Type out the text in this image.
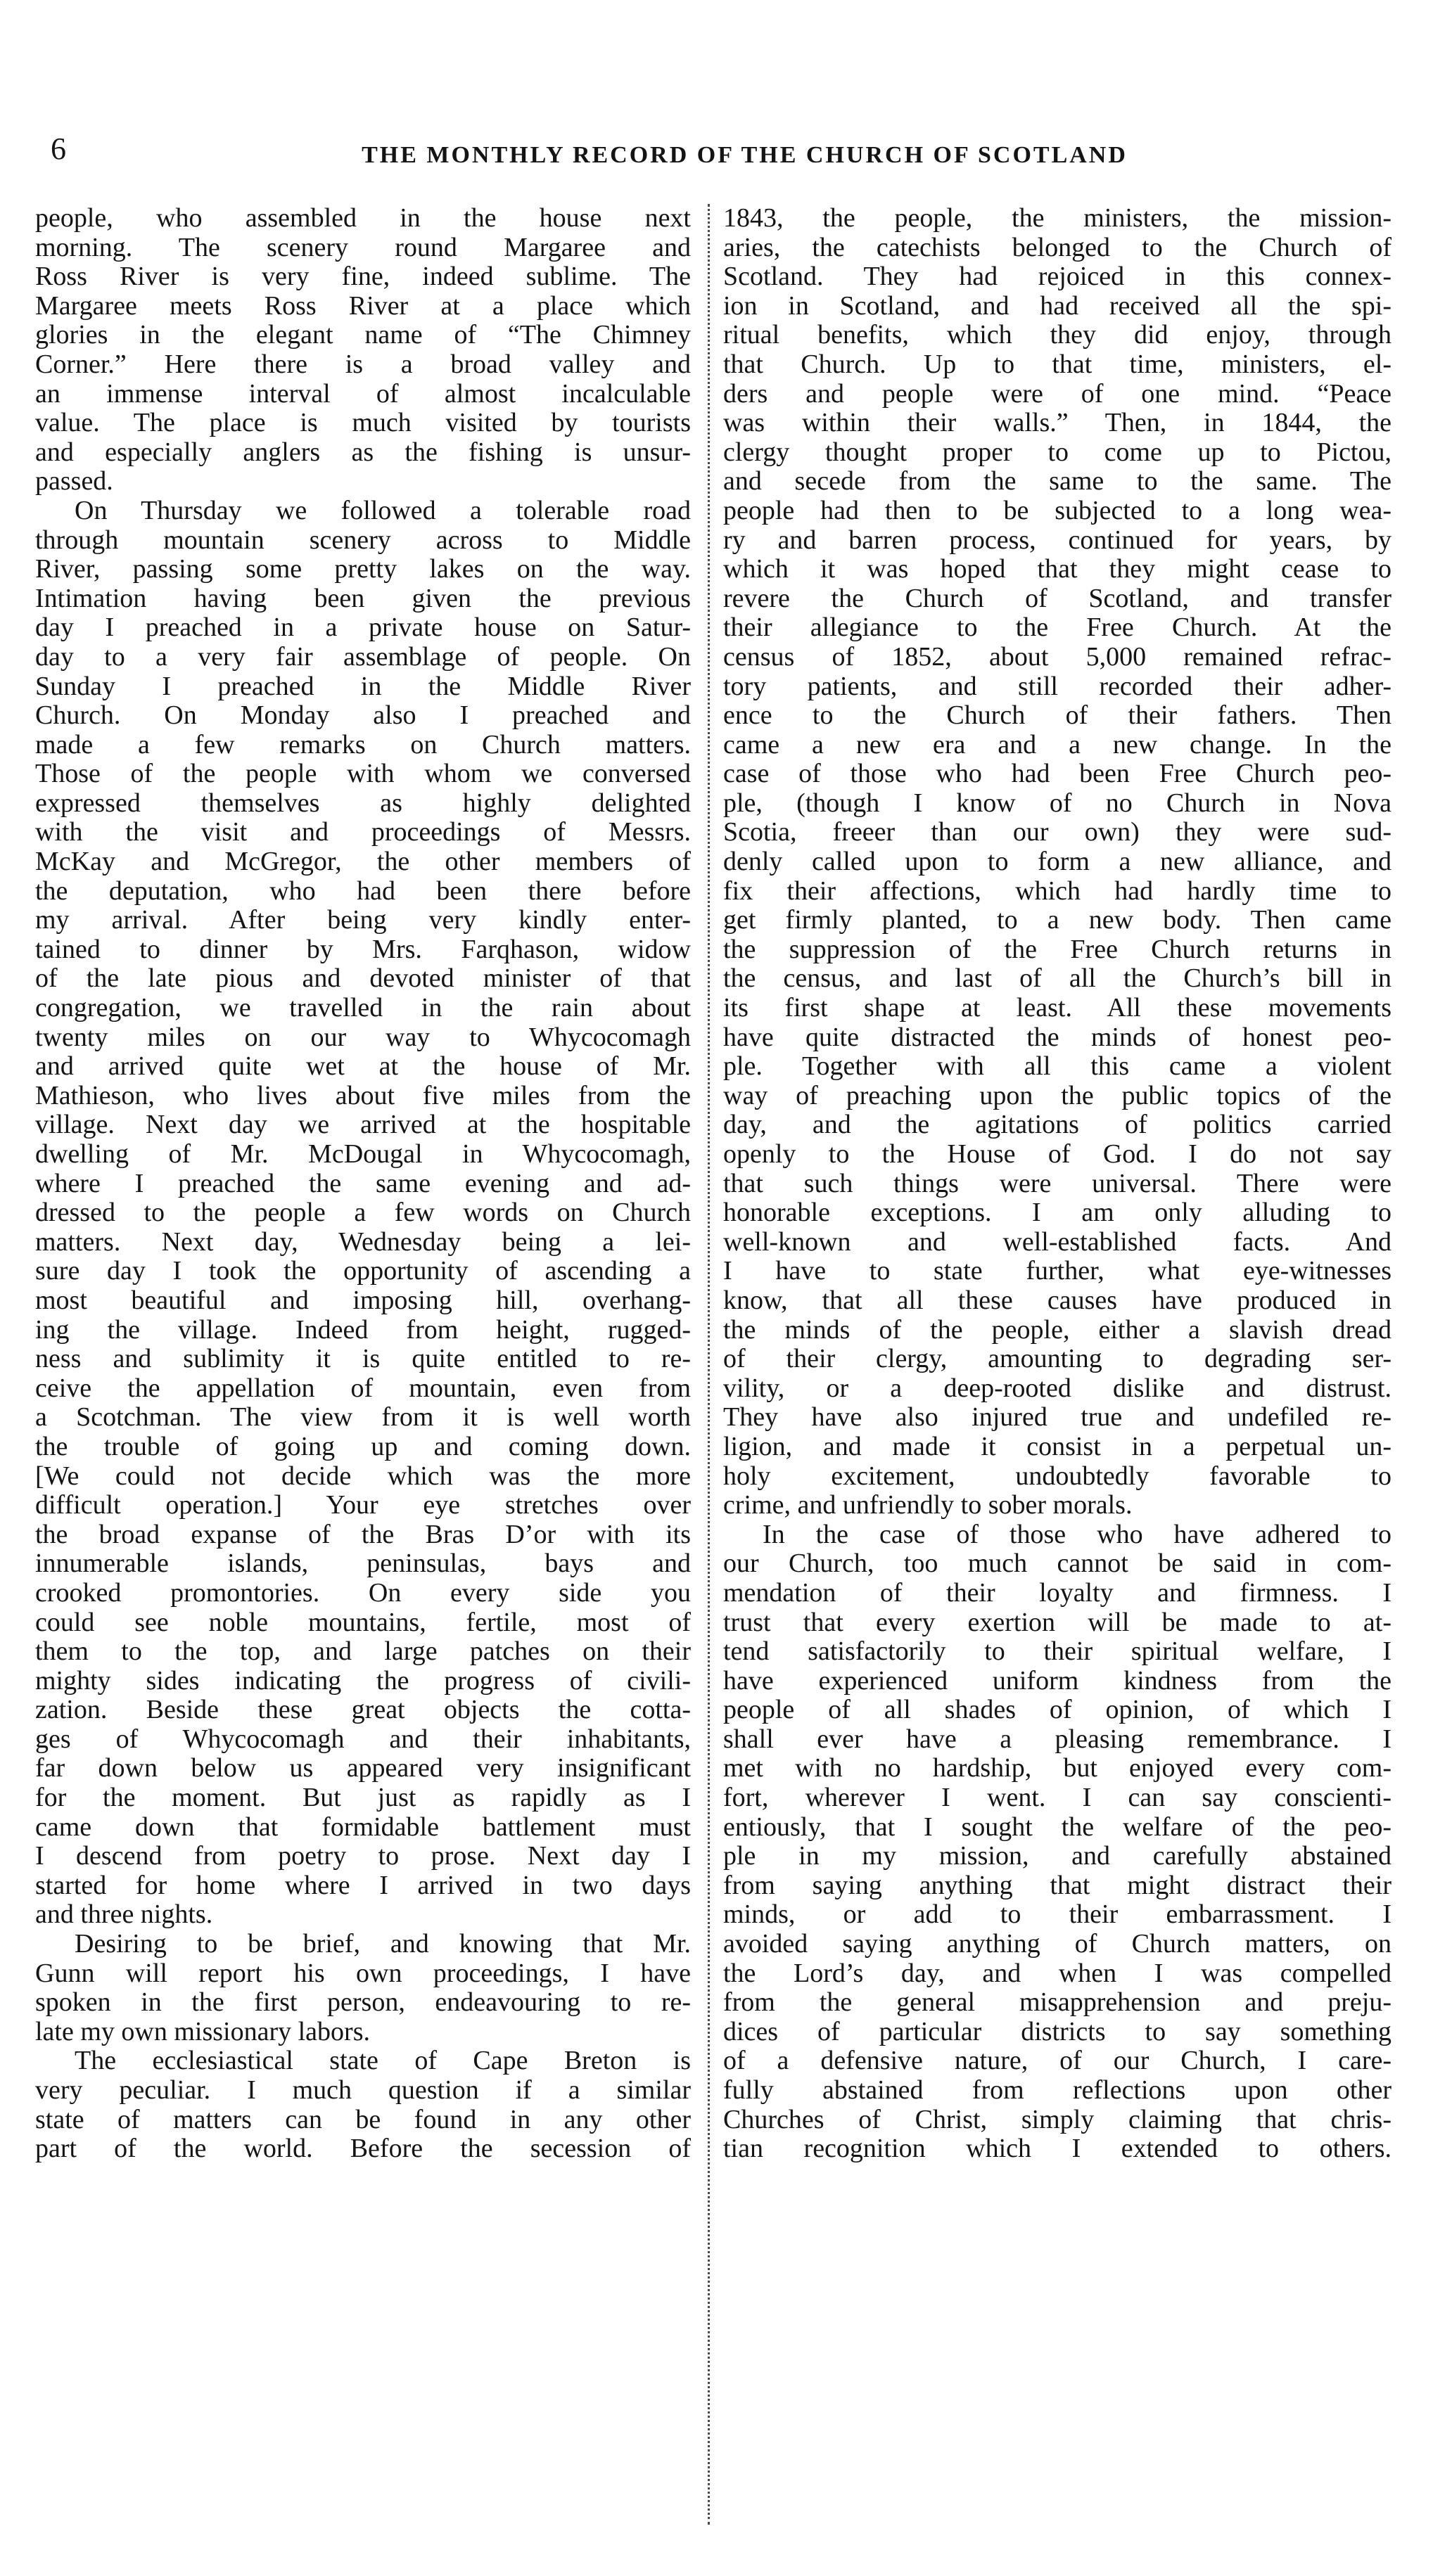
6	THE MONTHLY RECORD OF THE CHURCH OF SCOTLAND
people, who assembled in the house next
morning. The scenery round Margaree and
Ross River is very fine, indeed sublime. The
Margaree meets Ross River at a place which
glories in the elegant name of “The Chimney
Corner.” Here there is a broad valley and
an immense interval of almost incalculable
value. The place is much visited by tourists
and especially anglers as the fishing is unsur-
passed.
On Thursday we followed a tolerable road
through mountain scenery across to Middle
River, passing some pretty lakes on the way.
Intimation having been given the previous
day I preached in a private house on Satur-
day to a very fair assemblage of people. On
Sunday I preached in the Middle River
Church. On Monday also I preached and
made a few remarks on Church matters.
Those of the people with whom we conversed
expressed themselves as highly delighted
with the visit and proceedings of Messrs.
McKay and McGregor, the other members of
the deputation, who had been there before
my arrival. After being very kindly enter-
tained to dinner by Mrs. Farqhason, widow
of the late pious and devoted minister of that
congregation, we travelled in the rain about
twenty miles on our way to Whycocomagh
and arrived quite wet at the house of Mr.
Mathieson, who lives about five miles from the
village. Next day we arrived at the hospitable
dwelling of Mr. McDougal in Whycocomagh,
where I preached the same evening and ad-
dressed to the people a few words on Church
matters. Next day, Wednesday being a lei-
sure day I took the opportunity of ascending a
most beautiful and imposing hill, overhang-
ing the village. Indeed from height, rugged-
ness and sublimity it is quite entitled to re-
ceive the appellation of mountain, even from
a Scotchman. The view from it is well worth
the trouble of going up and coming down.
[We could not decide which was the more
difficult operation.] Your eye stretches over
the broad expanse of the Bras D’or with its
innumerable islands, peninsulas, bays and
crooked promontories. On every side you
could see noble mountains, fertile, most of
them to the top, and large patches on their
mighty sides indicating the progress of civili-
zation. Beside these great objects the cotta-
ges of Whycocomagh and their inhabitants,
far down below us appeared very insignificant
for the moment. But just as rapidly as I
came down that formidable battlement must
I descend from poetry to prose. Next day I
started for home where I arrived in two days
and three nights.
Desiring to be brief, and knowing that Mr.
Gunn will report his own proceedings, I have
spoken in the first person, endeavouring to re-
late my own missionary labors.
The ecclesiastical state of Cape Breton is
very peculiar. I much question if a similar
state of matters can be found in any other
part of the world. Before the secession of
1843, the people, the ministers, the mission-
aries, the catechists belonged to the Church of
Scotland. They had rejoiced in this connex-
ion in Scotland, and had received all the spi-
ritual benefits, which they did enjoy, through
that Church. Up to that time, ministers, el-
ders and people were of one mind. “Peace
was within their walls.” Then, in 1844, the
clergy thought proper to come up to Pictou,
and secede from the same to the same. The
people had then to be subjected to a long wea-
ry and barren process, continued for years, by
which it was hoped that they might cease to
revere the Church of Scotland, and transfer
their allegiance to the Free Church. At the
census of 1852, about 5,000 remained refrac-
tory patients, and still recorded their adher-
ence to the Church of their fathers. Then
came a new era and a new change. In the
case of those who had been Free Church peo-
ple, (though I know of no Church in Nova
Scotia, freeer than our own) they were sud-
denly called upon to form a new alliance, and
fix their affections, which had hardly time to
get firmly planted, to a new body. Then came
the suppression of the Free Church returns in
the census, and last of all the Church’s bill in
its first shape at least. All these movements
have quite distracted the minds of honest peo-
ple. Together with all this came a violent
way of preaching upon the public topics of the
day, and the agitations of politics carried
openly to the House of God. I do not say
that such things were universal. There were
honorable exceptions. I am only alluding to
well-known and well-established facts. And
I have to state further, what eye-witnesses
know, that all these causes have produced in
the minds of the people, either a slavish dread
of their clergy, amounting to degrading ser-
vility, or a deep-rooted dislike and distrust.
They have also injured true and undefiled re-
ligion, and made it consist in a perpetual un-
holy excitement, undoubtedly favorable to
crime, and unfriendly to sober morals.
In the case of those who have adhered to
our Church, too much cannot be said in com-
mendation of their loyalty and firmness. I
trust that every exertion will be made to at-
tend satisfactorily to their spiritual welfare, I
have experienced uniform kindness from the
people of all shades of opinion, of which I
shall ever have a pleasing remembrance. I
met with no hardship, but enjoyed every com-
fort, wherever I went. I can say conscienti-
entiously, that I sought the welfare of the peo-
ple in my mission, and carefully abstained
from saying anything that might distract their
minds, or add to their embarrassment. I
avoided saying anything of Church matters, on
the Lord’s day, and when I was compelled
from the general misapprehension and preju-
dices of particular districts to say something
of a defensive nature, of our Church, I care-
fully abstained from reflections upon other
Churches of Christ, simply claiming that chris-
tian recognition which I extended to others.
